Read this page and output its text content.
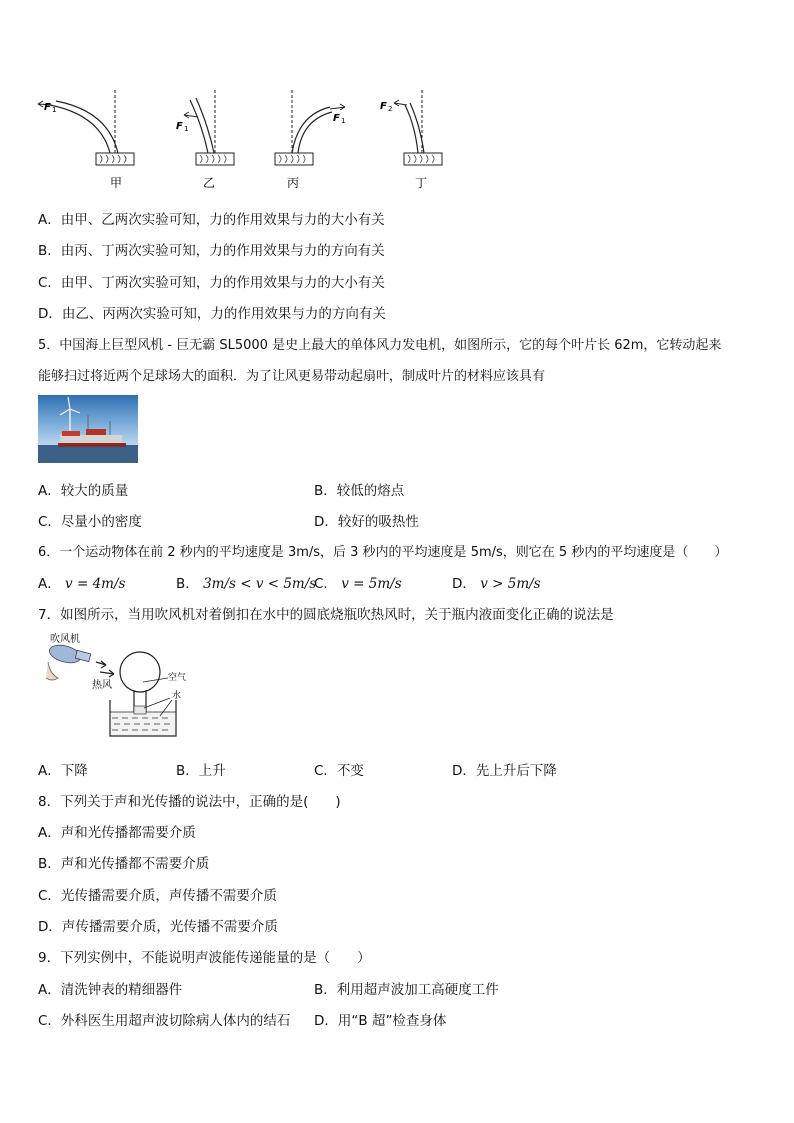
F 1
F 1
F 1
F 2
甲	乙	丙	丁
A．由甲、乙两次实验可知，力的作用效果与力的大小有关
B．由丙、丁两次实验可知，力的作用效果与力的方向有关
C．由甲、丁两次实验可知，力的作用效果与力的大小有关
D．由乙、丙两次实验可知，力的作用效果与力的方向有关
5．中国海上巨型风机 - 巨无霸 SL5000 是史上最大的单体风力发电机，如图所示，它的每个叶片长 62m，它转动起来
能够扫过将近两个足球场大的面积．为了让风更易带动起扇叶，制成叶片的材料应该具有
A．较大的质量	B．较低的熔点
C．尽量小的密度	D．较好的吸热性
6．一个运动物体在前 2 秒内的平均速度是 3m/s，后 3 秒内的平均速度是 5m/s，则它在 5 秒内的平均速度是（　　）
A． v = 4m/s	B． 3m/s < v < 5m/s
C． v = 5m/s	D． v > 5m/s
7．如图所示，当用吹风机对着倒扣在水中的圆底烧瓶吹热风时，关于瓶内液面变化正确的说法是
吹风机
热风
空气
水
A．下降	B．上升	C．不变	D．先上升后下降
8．下列关于声和光传播的说法中，正确的是(　　)
A．声和光传播都需要介质
B．声和光传播都不需要介质
C．光传播需要介质，声传播不需要介质
D．声传播需要介质，光传播不需要介质
9．下列实例中，不能说明声波能传递能量的是（　　）
A．清洗钟表的精细器件	B．利用超声波加工高硬度工件
C．外科医生用超声波切除病人体内的结石 D．用“B 超”检查身体
